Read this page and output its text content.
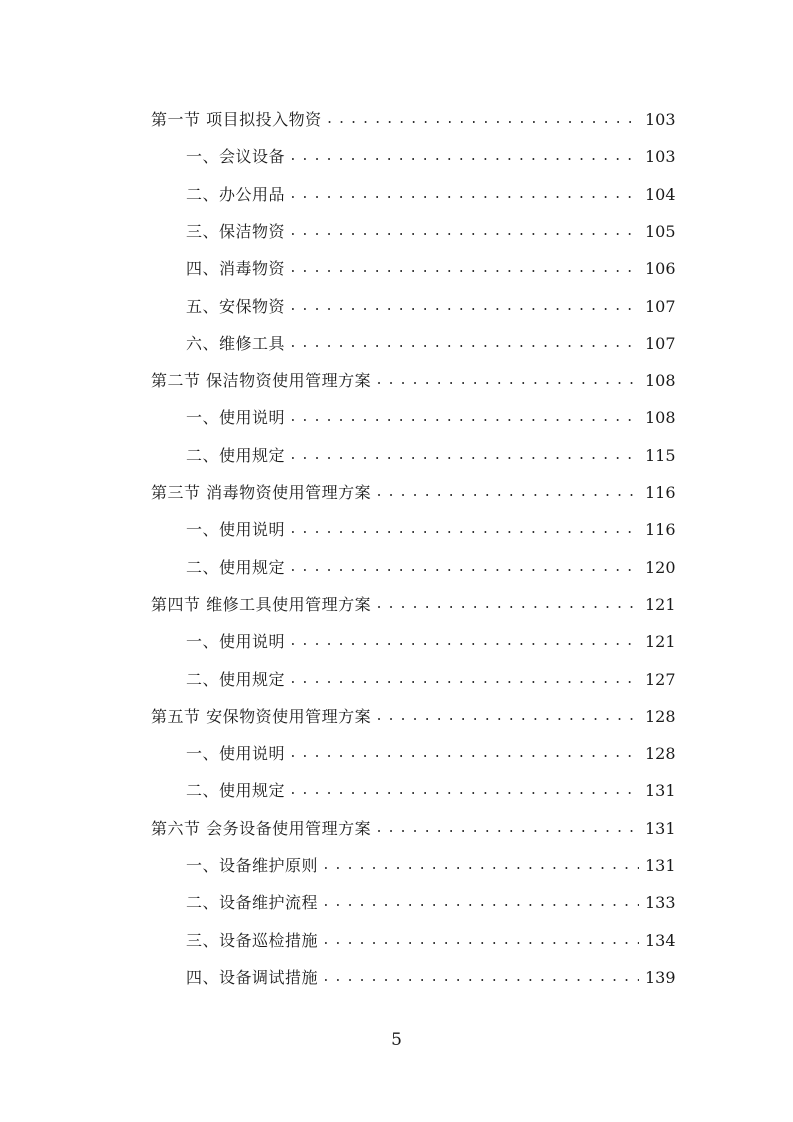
第一节 项目拟投入物资 .....	103
一、会议设备 .....	103
二、办公用品 .....	104
三、保洁物资 .....	105
四、消毒物资 .....	106
五、安保物资 .....	107
六、维修工具 .....	107
第二节 保洁物资使用管理方案 .....	108
一、使用说明 .....	108
二、使用规定 .....	115
第三节 消毒物资使用管理方案 .....	116
一、使用说明 .....	116
二、使用规定 .....	120
第四节 维修工具使用管理方案 .....	121
一、使用说明 .....	121
二、使用规定 .....	127
第五节 安保物资使用管理方案 .....	128
一、使用说明 .....	128
二、使用规定 .....	131
第六节 会务设备使用管理方案 .....	131
一、设备维护原则 .....	131
二、设备维护流程 .....	133
三、设备巡检措施 .....	134
四、设备调试措施 .....	139
5
